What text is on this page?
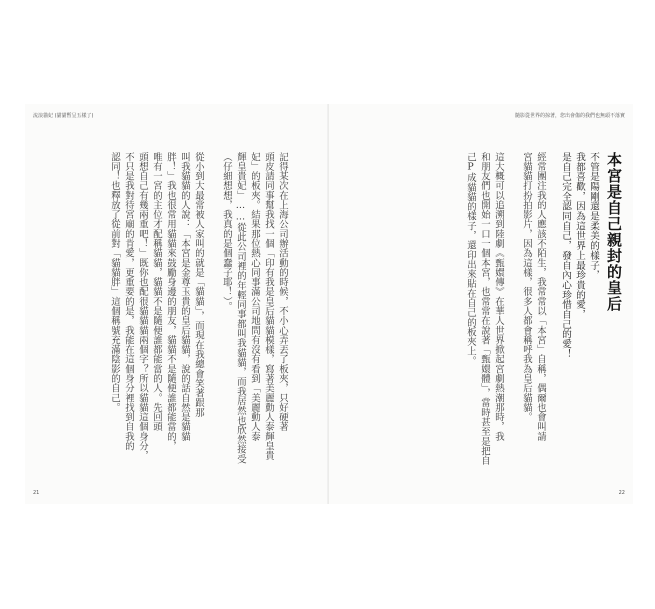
流浪貓妃 (貓貓暫呈五樣了)
記得某次在上海公司辦活動的時候，不小心弄丟了板夾，只好硬著
頭皮請同事幫我找一個「印有我是皇后貓貓模樣，寫著美麗動人泰輝皇貴
妃」的板夾。結果那位熱心同事滿公司地問有沒有看到「美麗動人泰
輝皇貴妃」……從此公司裡的年輕同事都叫我貓貓，而我居然也欣然接受
（仔細想想，我真的是個蠢子耶！）。

從小到大最常被人家叫的就是「貓貓」，而現在我總會笑著跟那
叫我貓貓的人說：「本宮是金尊玉貴的皇后貓貓，說的話自然是貓貓
胖！」我也很常用貓貓來鼓勵身邊的朋友，貓貓不是隨便誰都能當的，
唯有一宮的主位才配稱貓貓，貓貓不是隨便誰都能當的人。先回頭
頭想自己有幾兩重吧！」既你也配很貓貓貓兩個字？所以貓貓這個身分，
不只是我對待宮廟的肯愛，更重要的是，我能在這個身分裡找到自我的
認同！也釋放了從前對「貓貓胖」這個稱號充滿陰影的自己。
21
隨影從世界的掠著，您出會傷的我們也無頭不落實
本宮是自己親封的皇后
不管是陽剛還是柔美的樣子，
我都喜歡，因為這世界上最珍貴的愛，
是自己完全認同自己，發自內心珍惜自己的愛！
經常團注我的人應該不陌生，我常常以「本宮」自稱，偶爾也會叫請
宮貓貓打扮拍影片，因為這樣，很多人都會稱呼我為皇后貓貓。

這大概可以追溯到陸劇《甄嬛傳》在華人世界掀起宮劇熱潮那時，我
和朋友們也開始一口一個本宮，也常常在說著「甄嬛體」，當時甚至是把自
己P成貓貓的樣子，還印出來貼在自己的板夾上。
22
